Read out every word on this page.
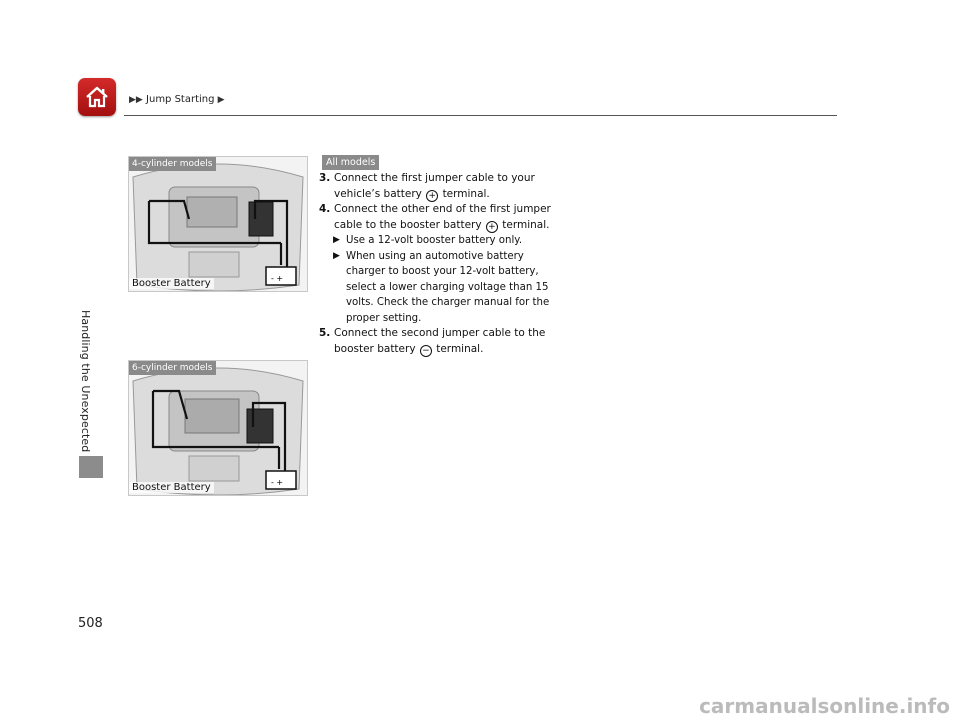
▶▶ Jump Starting ▶
Handling the Unexpected
- +
4-cylinder models
Booster Battery
- +
6-cylinder models
Booster Battery
All models
3. Connect the first jumper cable to your vehicle’s battery + terminal.
4. Connect the other end of the first jumper cable to the booster battery + terminal.
▶ Use a 12-volt booster battery only.
▶ When using an automotive battery charger to boost your 12-volt battery, select a lower charging voltage than 15 volts. Check the charger manual for the proper setting.
5. Connect the second jumper cable to the booster battery − terminal.
508
carmanualsonline.info
